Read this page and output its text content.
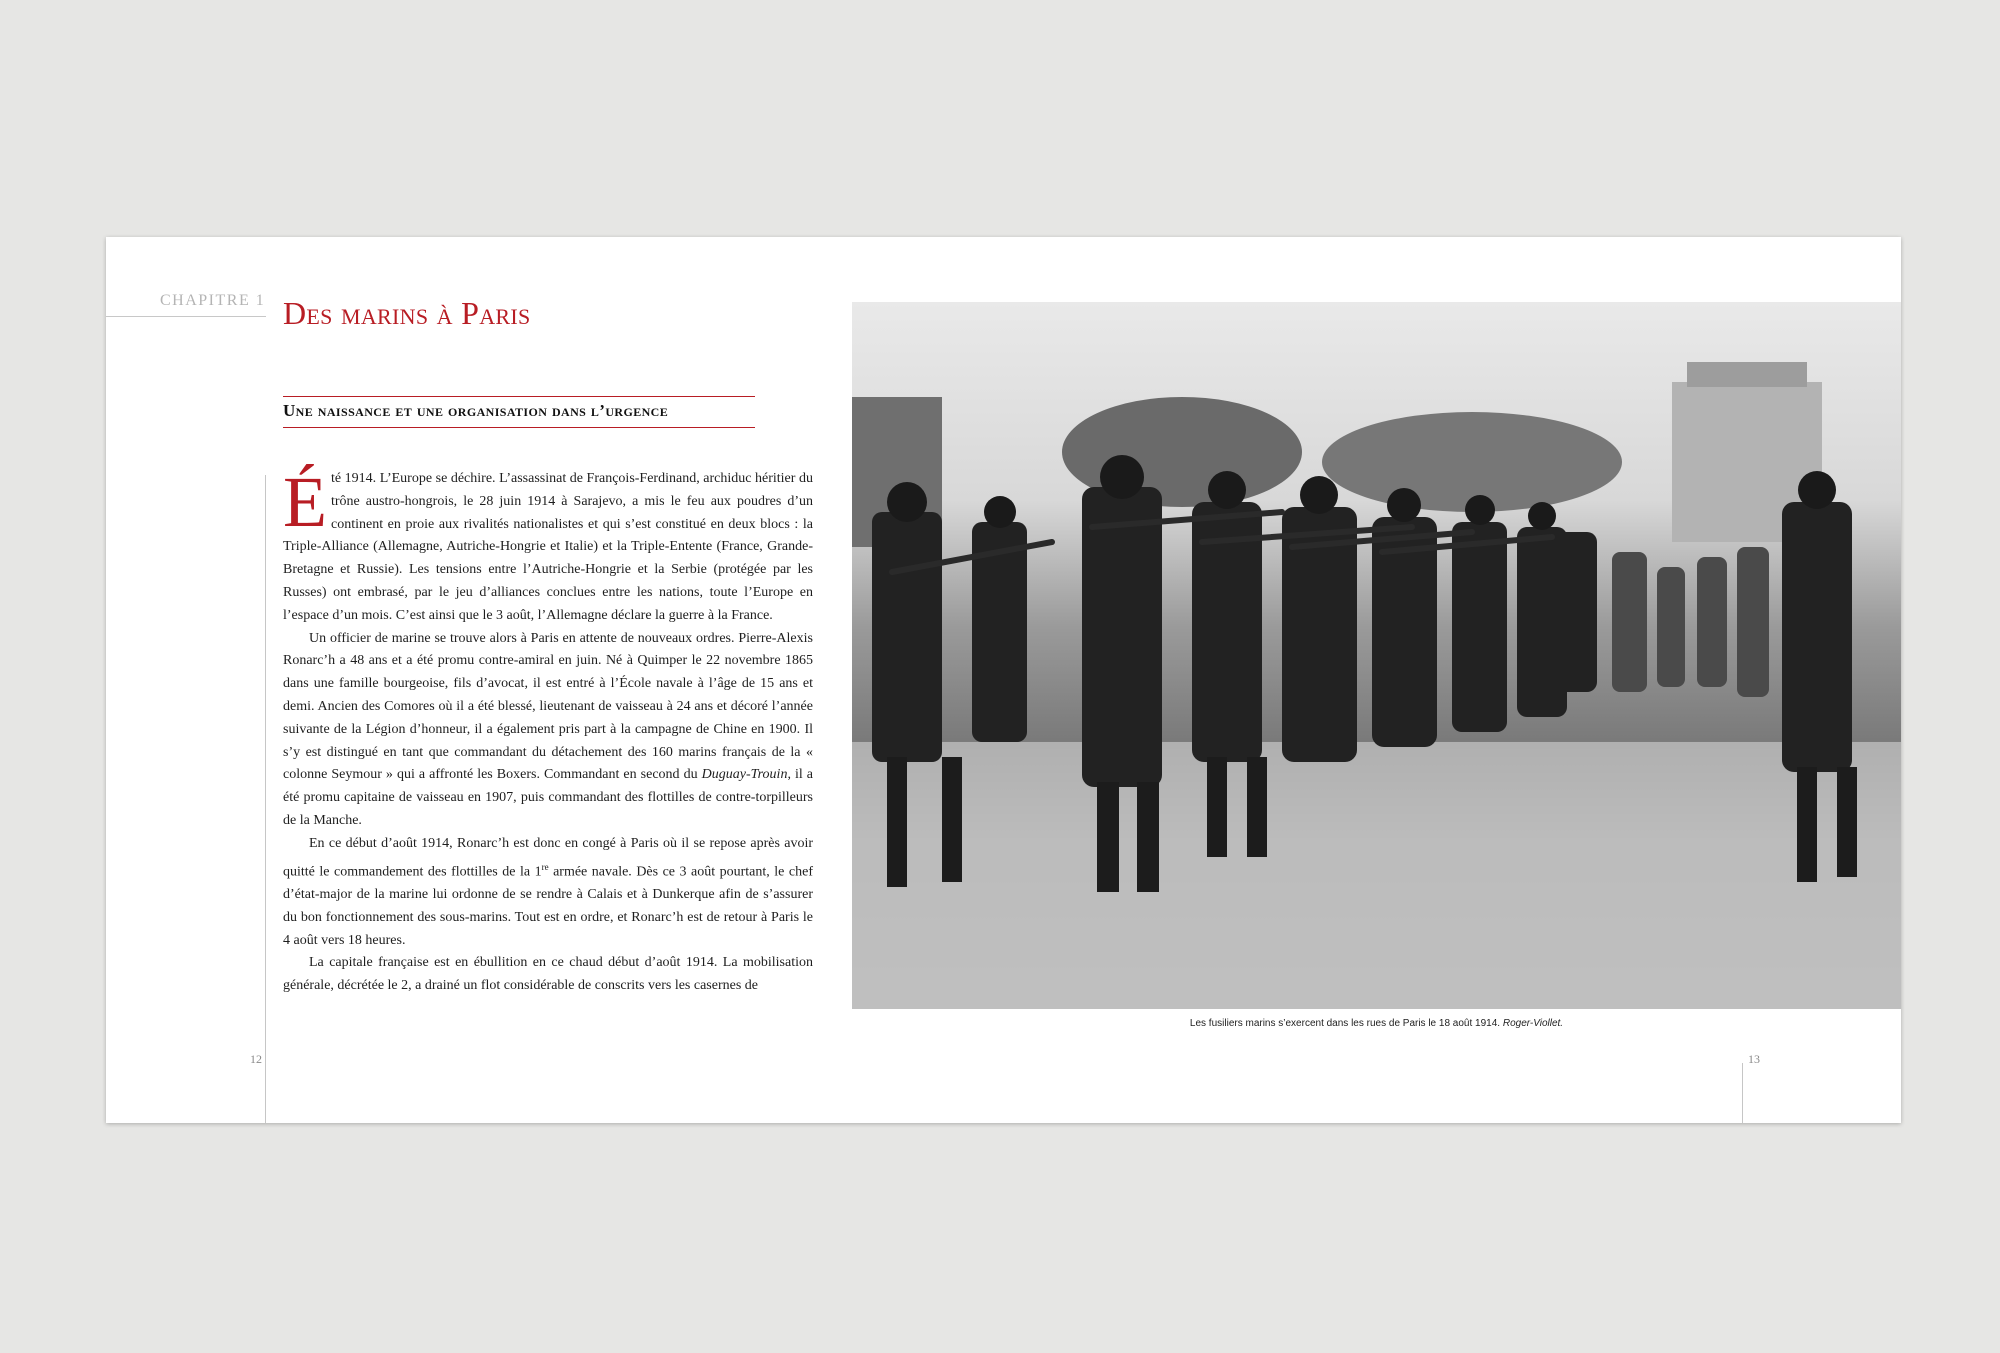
CHAPITRE 1 Des marins à Paris
Une naissance et une organisation dans l’urgence

Été 1914. L’Europe se déchire. L’assassinat de François-Ferdinand, archiduc héritier du trône austro-hongrois, le 28 juin 1914 à Sarajevo, a mis le feu aux poudres d’un continent en proie aux rivalités nationalistes et qui s’est constitué en deux blocs : la Triple-Alliance (Allemagne, Autriche-Hongrie et Italie) et la Triple-Entente (France, Grande-Bretagne et Russie). Les tensions entre l’Autriche-Hongrie et la Serbie (protégée par les Russes) ont embrasé, par le jeu d’alliances conclues entre les nations, toute l’Europe en l’espace d’un mois. C’est ainsi que le 3 août, l’Allemagne déclare la guerre à la France.

Un officier de marine se trouve alors à Paris en attente de nouveaux ordres. Pierre-Alexis Ronarc’h a 48 ans et a été promu contre-amiral en juin. Né à Quimper le 22 novembre 1865 dans une famille bourgeoise, fils d’avocat, il est entré à l’École navale à l’âge de 15 ans et demi. Ancien des Comores où il a été blessé, lieutenant de vaisseau à 24 ans et décoré l’année suivante de la Légion d’honneur, il a également pris part à la campagne de Chine en 1900. Il s’y est distingué en tant que commandant du détachement des 160 marins français de la « colonne Seymour » qui a affronté les Boxers. Commandant en second du Duguay-Trouin, il a été promu capitaine de vaisseau en 1907, puis commandant des flottilles de contre-torpilleurs de la Manche.

En ce début d’août 1914, Ronarc’h est donc en congé à Paris où il se repose après avoir quitté le commandement des flottilles de la 1re armée navale. Dès ce 3 août pourtant, le chef d’état-major de la marine lui ordonne de se rendre à Calais et à Dunkerque afin de s’assurer du bon fonctionnement des sous-marins. Tout est en ordre, et Ronarc’h est de retour à Paris le 4 août vers 18 heures.

La capitale française est en ébullition en ce chaud début d’août 1914. La mobilisation générale, décrétée le 2, a drainé un flot considérable de conscrits vers les casernes de

12	13
Les fusiliers marins s’exercent dans les rues de Paris le 18 août 1914. Roger-Viollet.
